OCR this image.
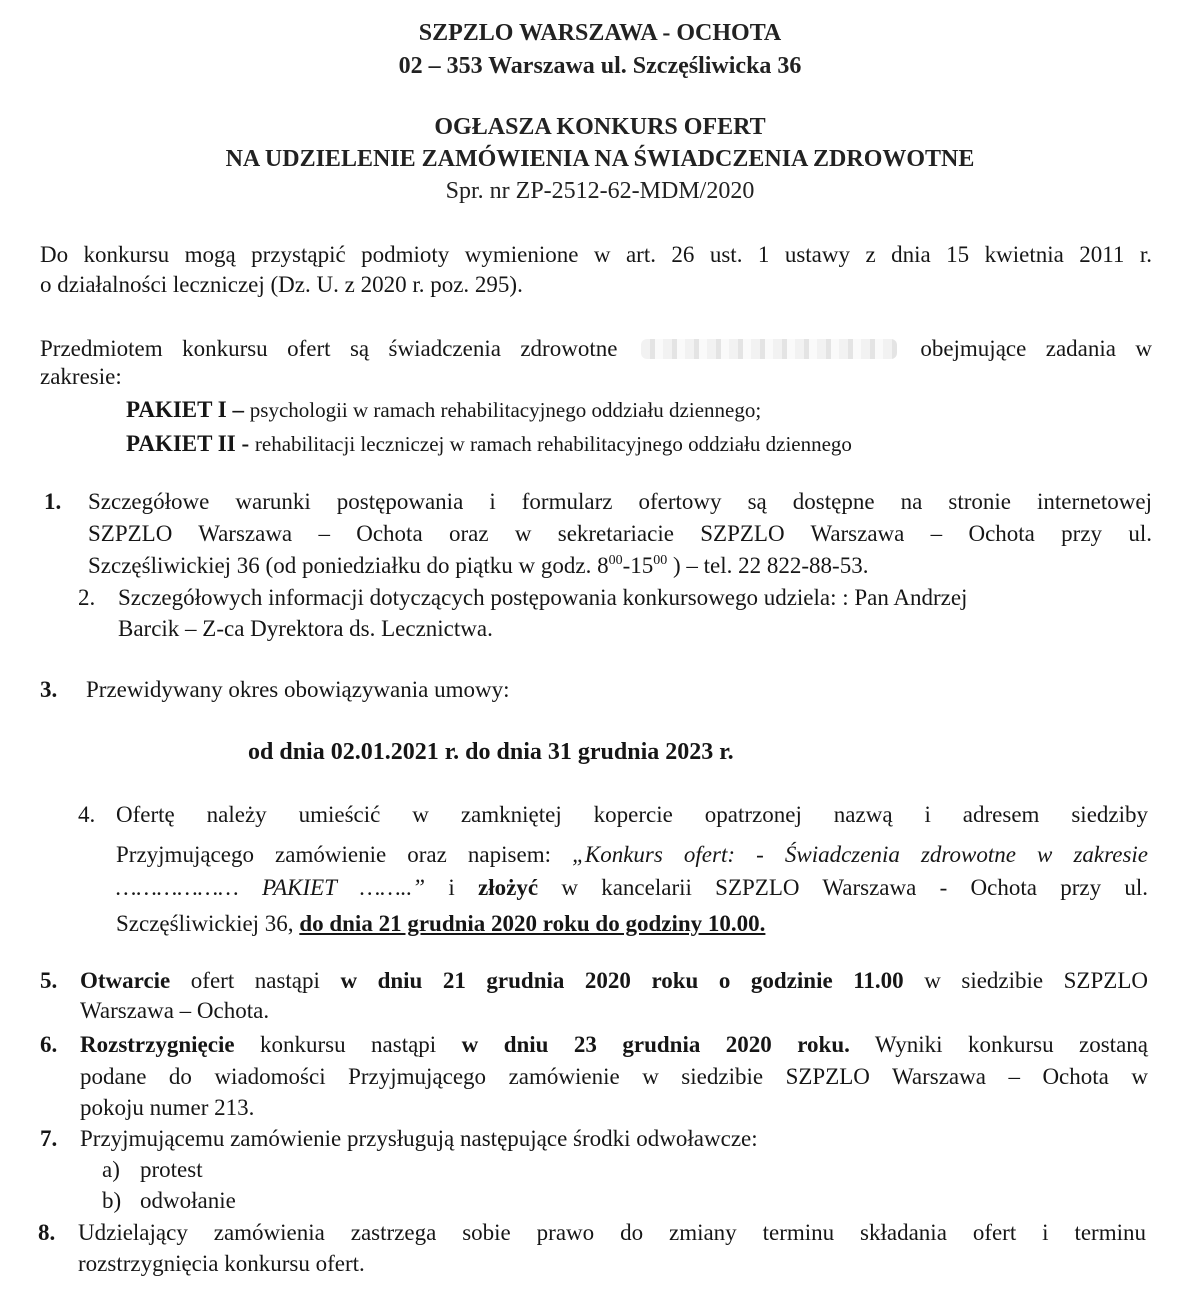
SZPZLO WARSZAWA - OCHOTA
02 – 353 Warszawa ul. Szczęśliwicka 36
OGŁASZA KONKURS OFERT
NA UDZIELENIE ZAMÓWIENIA NA ŚWIADCZENIA ZDROWOTNE
Spr. nr ZP-2512-62-MDM/2020
Do konkursu mogą przystąpić podmioty wymienione w art. 26 ust. 1 ustawy z dnia 15 kwietnia 2011 r.
o działalności leczniczej (Dz. U. z 2020 r. poz. 295).
Przedmiotem konkursu ofert są świadczenia zdrowotne	obejmujące zadania w
zakresie:
PAKIET I – psychologii w ramach rehabilitacyjnego oddziału dziennego;
PAKIET II - rehabilitacji leczniczej w ramach rehabilitacyjnego oddziału dziennego
1. Szczegółowe warunki postępowania i formularz ofertowy są dostępne na stronie internetowej
SZPZLO Warszawa – Ochota oraz w sekretariacie SZPZLO Warszawa – Ochota przy ul.
Szczęśliwickiej 36 (od poniedziałku do piątku w godz. $8^{00}-15^{00}$ ) – tel. 22 822-88-53.
2. Szczegółowych informacji dotyczących postępowania konkursowego udziela: : Pan Andrzej
Barcik – Z-ca Dyrektora ds. Lecznictwa.
3. Przewidywany okres obowiązywania umowy:
od dnia 02.01.2021 r. do dnia 31 grudnia 2023 r.
4. Ofertę należy umieścić w zamkniętej kopercie opatrzonej nazwą i adresem siedziby
Przyjmującego zamówienie oraz napisem: „Konkurs ofert: - Świadczenia zdrowotne w zakresie
……………… PAKIET ……..” i złożyć w kancelarii SZPZLO Warszawa - Ochota przy ul.
Szczęśliwickiej 36, do dnia 21 grudnia 2020 roku do godziny 10.00.
5. Otwarcie ofert nastąpi w dniu 21 grudnia 2020 roku o godzinie 11.00 w siedzibie SZPZLO
Warszawa – Ochota.
6. Rozstrzygnięcie konkursu nastąpi w dniu 23 grudnia 2020 roku. Wyniki konkursu zostaną
podane do wiadomości Przyjmującego zamówienie w siedzibie SZPZLO Warszawa – Ochota w
pokoju numer 213.
7. Przyjmującemu zamówienie przysługują następujące środki odwoławcze:
a) protest
b) odwołanie
8. Udzielający zamówienia zastrzega sobie prawo do zmiany terminu składania ofert i terminu
rozstrzygnięcia konkursu ofert.
